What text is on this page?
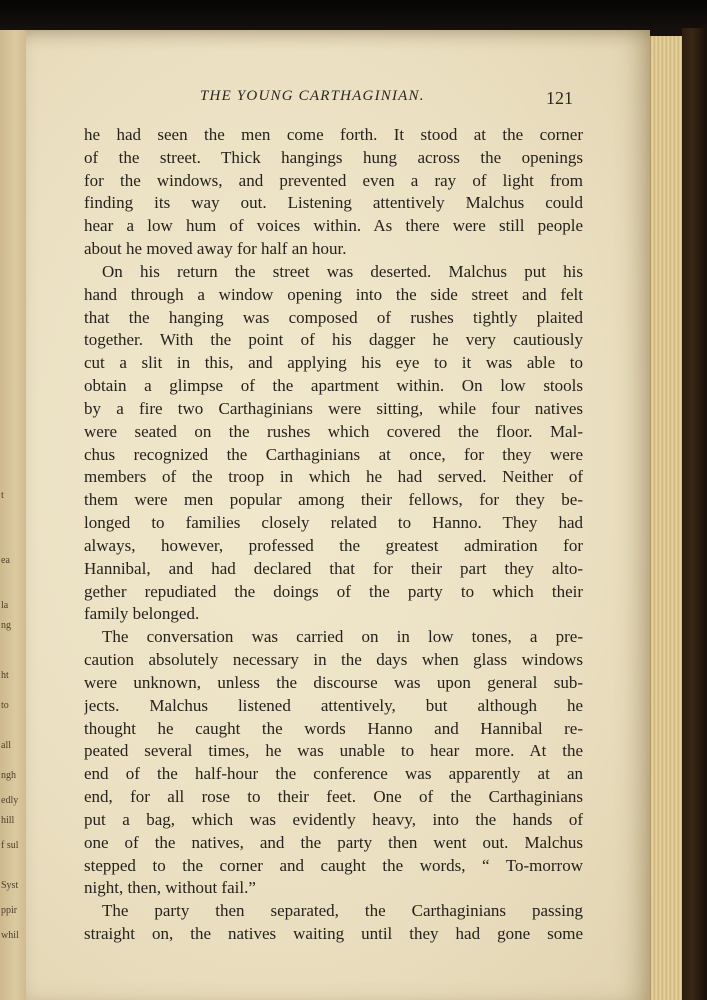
t
ea
la
ng
ht
to
all
ngh
edly
hill
f sul
Syst
ppir
whil
THE YOUNG CARTHAGINIAN.	121
he had seen the men come forth. It stood at the corner
of the street. Thick hangings hung across the openings
for the windows, and prevented even a ray of light from
finding its way out. Listening attentively Malchus could
hear a low hum of voices within. As there were still people
about he moved away for half an hour.
On his return the street was deserted. Malchus put his
hand through a window opening into the side street and felt
that the hanging was composed of rushes tightly plaited
together. With the point of his dagger he very cautiously
cut a slit in this, and applying his eye to it was able to
obtain a glimpse of the apartment within. On low stools
by a fire two Carthaginians were sitting, while four natives
were seated on the rushes which covered the floor. Mal-
chus recognized the Carthaginians at once, for they were
members of the troop in which he had served. Neither of
them were men popular among their fellows, for they be-
longed to families closely related to Hanno. They had
always, however, professed the greatest admiration for
Hannibal, and had declared that for their part they alto-
gether repudiated the doings of the party to which their
family belonged.
The conversation was carried on in low tones, a pre-
caution absolutely necessary in the days when glass windows
were unknown, unless the discourse was upon general sub-
jects. Malchus listened attentively, but although he
thought he caught the words Hanno and Hannibal re-
peated several times, he was unable to hear more. At the
end of the half-hour the conference was apparently at an
end, for all rose to their feet. One of the Carthaginians
put a bag, which was evidently heavy, into the hands of
one of the natives, and the party then went out. Malchus
stepped to the corner and caught the words, “ To-morrow
night, then, without fail.”
The party then separated, the Carthaginians passing
straight on, the natives waiting until they had gone some
